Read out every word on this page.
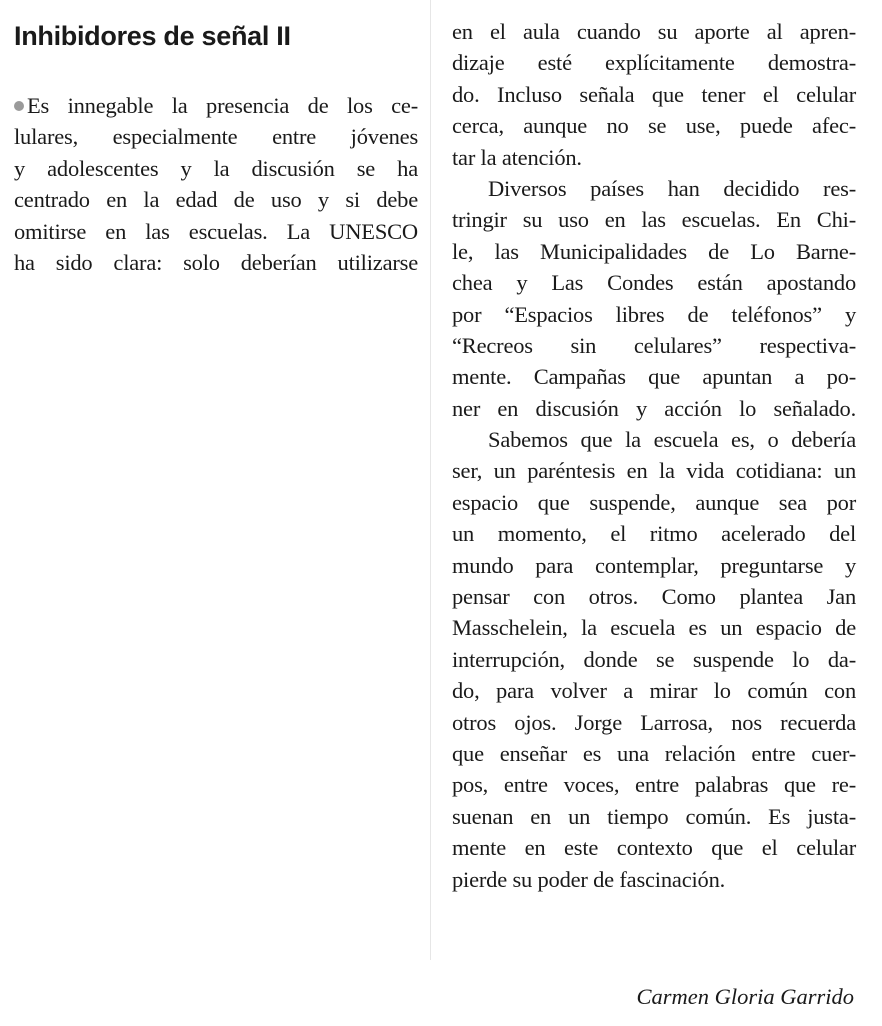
Inhibidores de señal II
Es innegable la presencia de los ce-
lulares, especialmente entre jóvenes
y adolescentes y la discusión se ha
centrado en la edad de uso y si debe
omitirse en las escuelas. La UNESCO
ha sido clara: solo deberían utilizarse
en el aula cuando su aporte al apren-
dizaje esté explícitamente demostra-
do. Incluso señala que tener el celular
cerca, aunque no se use, puede afec-
tar la atención.
Diversos países han decidido res-
tringir su uso en las escuelas. En Chi-
le, las Municipalidades de Lo Barne-
chea y Las Condes están apostando
por “Espacios libres de teléfonos” y
“Recreos sin celulares” respectiva-
mente. Campañas que apuntan a po-
ner en discusión y acción lo señalado.
Sabemos que la escuela es, o debería
ser, un paréntesis en la vida cotidiana: un
espacio que suspende, aunque sea por
un momento, el ritmo acelerado del
mundo para contemplar, preguntarse y
pensar con otros. Como plantea Jan
Masschelein, la escuela es un espacio de
interrupción, donde se suspende lo da-
do, para volver a mirar lo común con
otros ojos. Jorge Larrosa, nos recuerda
que enseñar es una relación entre cuer-
pos, entre voces, entre palabras que re-
suenan en un tiempo común. Es justa-
mente en este contexto que el celular
pierde su poder de fascinación.
Carmen Gloria Garrido
